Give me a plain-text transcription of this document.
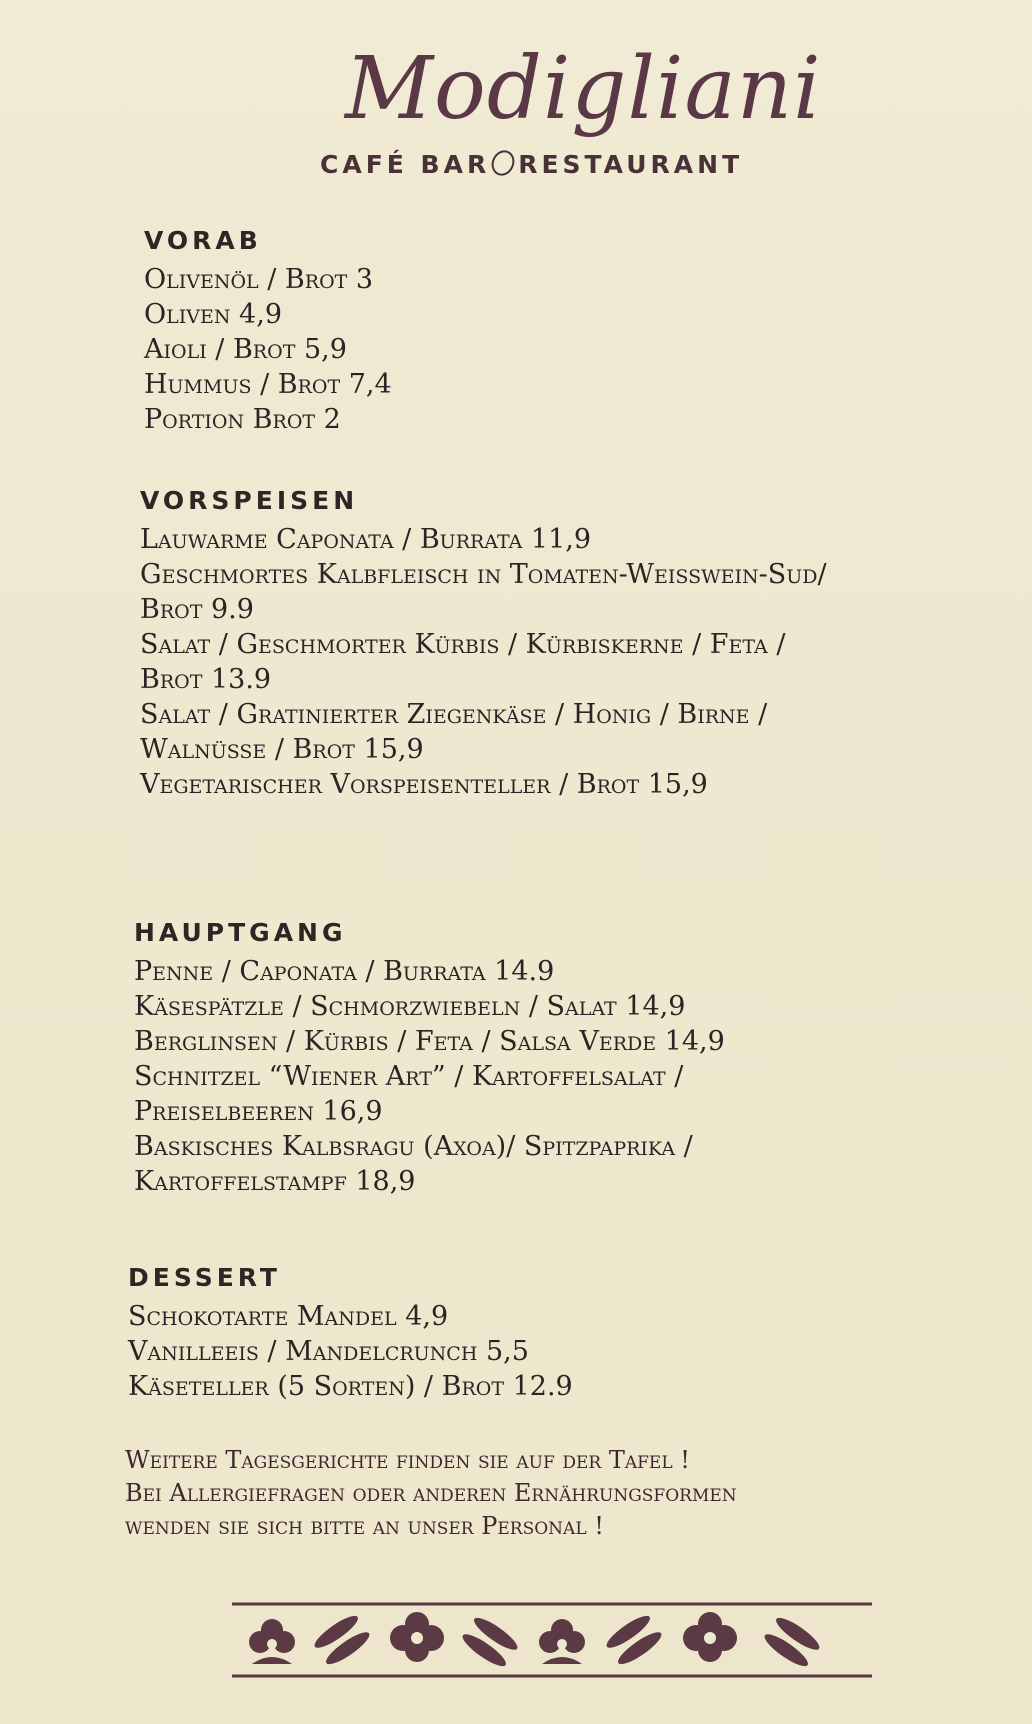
Modigliani
CAFÉ BAR RESTAURANT
VORAB
Olivenöl / Brot 3
Oliven 4,9
Aioli / Brot 5,9
Hummus / Brot 7,4
Portion Brot 2
VORSPEISEN
Lauwarme Caponata / Burrata 11,9
Geschmortes Kalbfleisch in Tomaten-Weißwein-Sud/
Brot 9.9
Salat / Geschmorter Kürbis / Kürbiskerne / Feta /
Brot 13.9
Salat / Gratinierter Ziegenkäse / Honig / Birne /
Walnüsse / Brot 15,9
Vegetarischer Vorspeisenteller / Brot 15,9
HAUPTGANG
Penne / Caponata / Burrata 14.9
Käsespätzle / Schmorzwiebeln / Salat 14,9
Berglinsen / Kürbis / Feta / Salsa Verde 14,9
Schnitzel “Wiener Art” / Kartoffelsalat /
Preiselbeeren 16,9
Baskisches Kalbsragu (Axoa)/ Spitzpaprika /
Kartoffelstampf 18,9
DESSERT
Schokotarte Mandel 4,9
Vanilleeis / Mandelcrunch 5,5
Käseteller (5 Sorten) / Brot 12.9
Weitere Tagesgerichte finden sie auf der Tafel !
Bei Allergiefragen oder anderen Ernährungsformen
wenden sie sich bitte an unser Personal !
